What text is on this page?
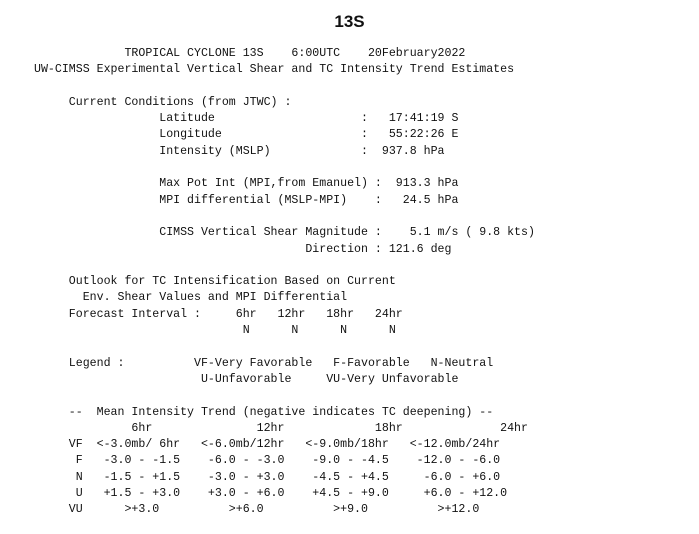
13S
TROPICAL CYCLONE 13S    6:00UTC    20February2022
UW-CIMSS Experimental Vertical Shear and TC Intensity Trend Estimates
Current Conditions (from JTWC) :
Latitude                     :   17:41:19 S
Longitude                    :   55:22:26 E
Intensity (MSLP)             :  937.8 hPa
Max Pot Int (MPI,from Emanuel) :  913.3 hPa
MPI differential (MSLP-MPI)    :   24.5 hPa
CIMSS Vertical Shear Magnitude :    5.1 m/s ( 9.8 kts)
Direction : 121.6 deg
Outlook for TC Intensification Based on Current
Env. Shear Values and MPI Differential
Forecast Interval :     6hr   12hr   18hr   24hr
N      N      N      N
Legend :          VF-Very Favorable   F-Favorable   N-Neutral
U-Unfavorable     VU-Very Unfavorable
--  Mean Intensity Trend (negative indicates TC deepening) --
6hr               12hr             18hr              24hr
VF  <-3.0mb/ 6hr   <-6.0mb/12hr   <-9.0mb/18hr   <-12.0mb/24hr
F   -3.0 - -1.5    -6.0 - -3.0    -9.0 - -4.5    -12.0 - -6.0
N   -1.5 - +1.5    -3.0 - +3.0    -4.5 - +4.5     -6.0 - +6.0
U   +1.5 - +3.0    +3.0 - +6.0    +4.5 - +9.0     +6.0 - +12.0
VU      >+3.0          >+6.0          >+9.0          >+12.0
